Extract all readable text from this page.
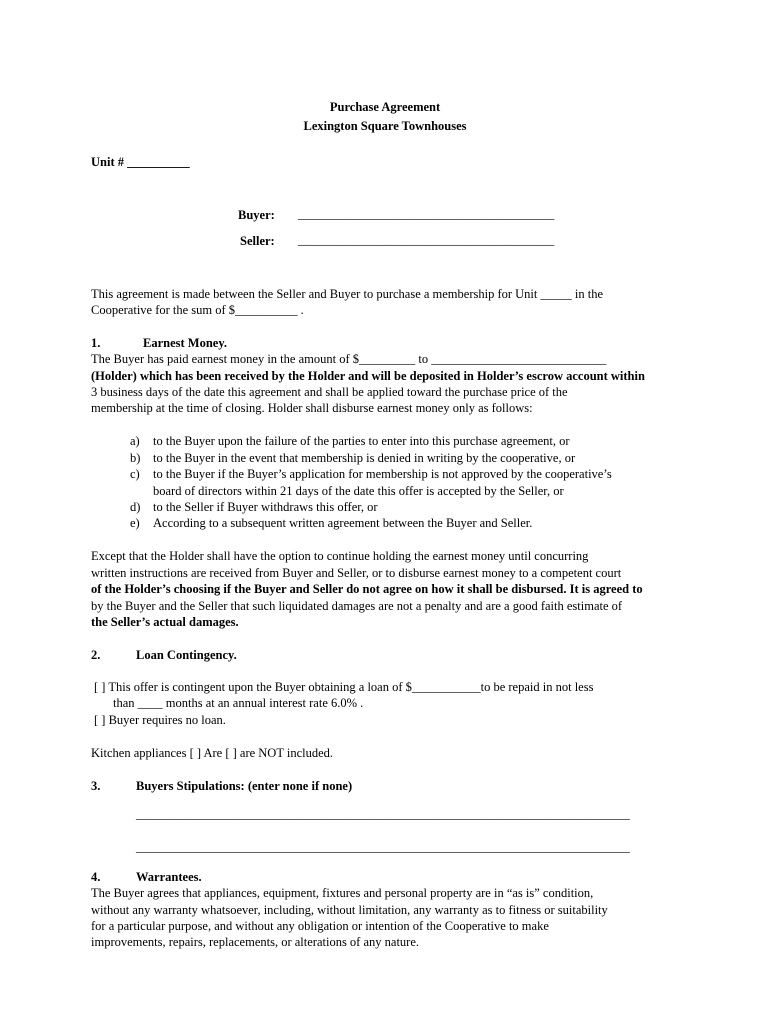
Purchase Agreement
Lexington Square Townhouses
Unit # __________
Buyer: _________________________________________
Seller: _________________________________________
This agreement is made between the Seller and Buyer to purchase a membership for Unit _____ in the
Cooperative for the sum of $__________ .
1.	Earnest Money.
The Buyer has paid earnest money in the amount of $_________ to ____________________________
(Holder) which has been received by the Holder and will be deposited in Holder’s escrow account within
3 business days of the date this agreement and shall be applied toward the purchase price of the
membership at the time of closing. Holder shall disburse earnest money only as follows:
a) to the Buyer upon the failure of the parties to enter into this purchase agreement, or
b) to the Buyer in the event that membership is denied in writing by the cooperative, or
c) to the Buyer if the Buyer’s application for membership is not approved by the cooperative’s
board of directors within 21 days of the date this offer is accepted by the Seller, or
d) to the Seller if Buyer withdraws this offer, or
e) According to a subsequent written agreement between the Buyer and Seller.
Except that the Holder shall have the option to continue holding the earnest money until concurring
written instructions are received from Buyer and Seller, or to disburse earnest money to a competent court
of the Holder’s choosing if the Buyer and Seller do not agree on how it shall be disbursed. It is agreed to
by the Buyer and the Seller that such liquidated damages are not a penalty and are a good faith estimate of
the Seller’s actual damages.
2.	Loan Contingency.
[ ] This offer is contingent upon the Buyer obtaining a loan of $___________to be repaid in not less
than ____ months at an annual interest rate 6.0% .
[ ] Buyer requires no loan.
Kitchen appliances [ ] Are [ ] are NOT included.
3.	Buyers Stipulations: (enter none if none)
_______________________________________________________________________________
_______________________________________________________________________________
4.	Warrantees.
The Buyer agrees that appliances, equipment, fixtures and personal property are in “as is” condition,
without any warranty whatsoever, including, without limitation, any warranty as to fitness or suitability
for a particular purpose, and without any obligation or intention of the Cooperative to make
improvements, repairs, replacements, or alterations of any nature.
